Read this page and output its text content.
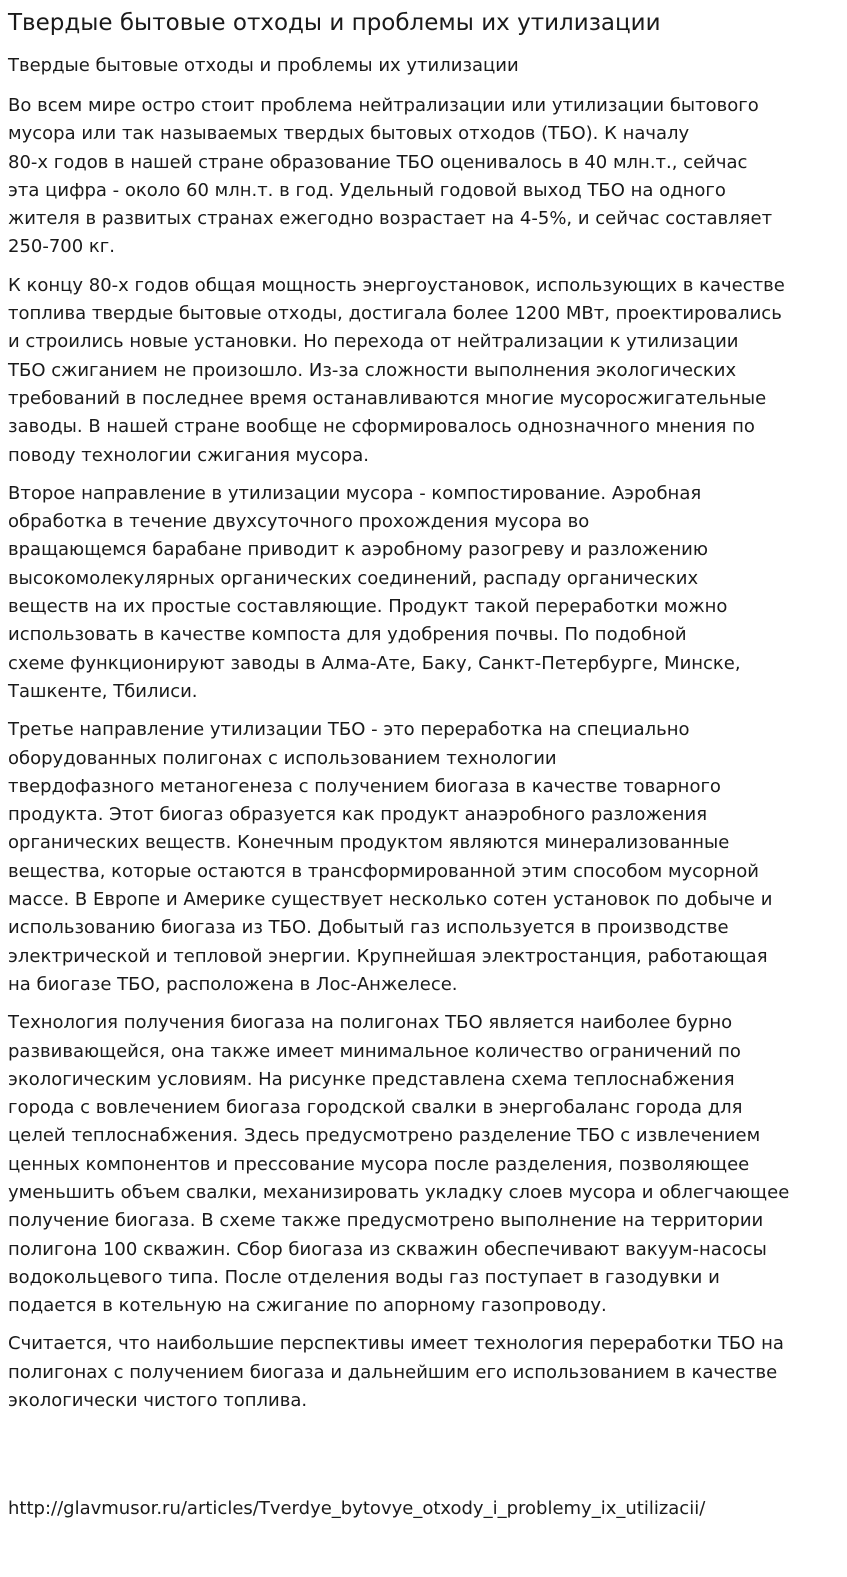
Твердые бытовые отходы и проблемы их утилизации
Твердые бытовые отходы и проблемы их утилизации

Во всем мире остро стоит проблема нейтрализации или утилизации бытового
мусора или так называемых твердых бытовых отходов (ТБО). К началу
80-х годов в нашей стране образование ТБО оценивалось в 40 млн.т., сейчас
эта цифра - около 60 млн.т. в год. Удельный годовой выход ТБО на одного
жителя в развитых странах ежегодно возрастает на 4-5%, и сейчас составляет
250-700 кг.

К концу 80-х годов общая мощность энергоустановок, использующих в качестве
топлива твердые бытовые отходы, достигала более 1200 МВт, проектировались
и строились новые установки. Но перехода от нейтрализации к утилизации
ТБО сжиганием не произошло. Из-за сложности выполнения экологических
требований в последнее время останавливаются многие мусоросжигательные
заводы. В нашей стране вообще не сформировалось однозначного мнения по
поводу технологии сжигания мусора.

Второе направление в утилизации мусора - компостирование. Аэробная
обработка в течение двухсуточного прохождения мусора во
вращающемся барабане приводит к аэробному разогреву и разложению
высокомолекулярных органических соединений, распаду органических
веществ на их простые составляющие. Продукт такой переработки можно
использовать в качестве компоста для удобрения почвы. По подобной
схеме функционируют заводы в Алма-Ате, Баку, Санкт-Петербурге, Минске,
Ташкенте, Тбилиси.

Третье направление утилизации ТБО - это переработка на специально
оборудованных полигонах с использованием технологии
твердофазного метаногенеза с получением биогаза в качестве товарного
продукта. Этот биогаз образуется как продукт анаэробного разложения
органических веществ. Конечным продуктом являются минерализованные
вещества, которые остаются в трансформированной этим способом мусорной
массе. В Европе и Америке существует несколько сотен установок по добыче и
использованию биогаза из ТБО. Добытый газ используется в производстве
электрической и тепловой энергии. Крупнейшая электростанция, работающая
на биогазе ТБО, расположена в Лос-Анжелесе.

Технология получения биогаза на полигонах ТБО является наиболее бурно
развивающейся, она также имеет минимальное количество ограничений по
экологическим условиям. На рисунке представлена схема теплоснабжения
города с вовлечением биогаза городской свалки в энергобаланс города для
целей теплоснабжения. Здесь предусмотрено разделение ТБО с извлечением
ценных компонентов и прессование мусора после разделения, позволяющее
уменьшить объем свалки, механизировать укладку слоев мусора и облегчающее
получение биогаза. В схеме также предусмотрено выполнение на территории
полигона 100 скважин. Сбор биогаза из скважин обеспечивают вакуум-насосы
водокольцевого типа. После отделения воды газ поступает в газодувки и
подается в котельную на сжигание по апорному газопроводу.

Считается, что наибольшие перспективы имеет технология переработки ТБО на
полигонах с получением биогаза и дальнейшим его использованием в качестве
экологически чистого топлива.

http://glavmusor.ru/articles/Tverdye_bytovye_otxody_i_problemy_ix_utilizacii/
